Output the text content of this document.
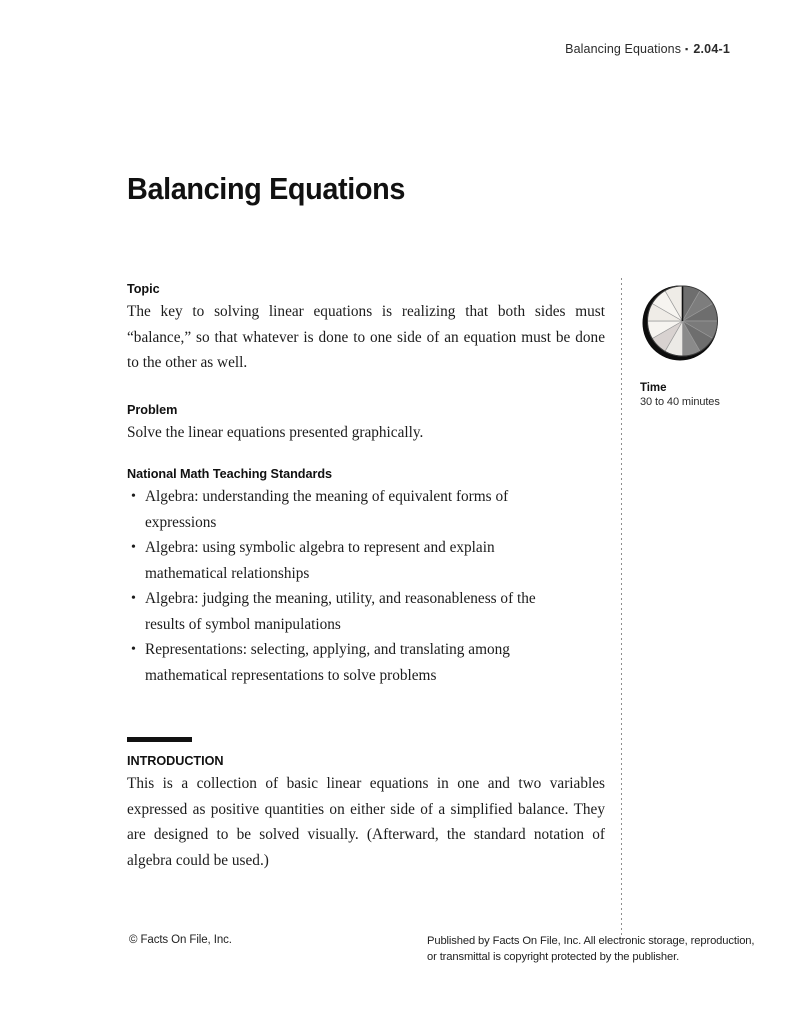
Balancing Equations ▪ 2.04-1
Balancing Equations
Topic

The key to solving linear equations is realizing that both sides must “balance,” so that whatever is done to one side of an equation must be done to the other as well.

Problem

Solve the linear equations presented graphically.

National Math Teaching Standards
• Algebra: understanding the meaning of equivalent forms of
expressions
• Algebra: using symbolic algebra to represent and explain
mathematical relationships
• Algebra: judging the meaning, utility, and reasonableness of the
results of symbol manipulations
• Representations: selecting, applying, and translating among
mathematical representations to solve problems
INTRODUCTION

This is a collection of basic linear equations in one and two variables expressed as positive quantities on either side of a simplified balance. They are designed to be solved visually. (Afterward, the standard notation of algebra could be used.)

Time
30 to 40 minutes
© Facts On File, Inc.	Published by Facts On File, Inc. All electronic storage, reproduction,
or transmittal is copyright protected by the publisher.
